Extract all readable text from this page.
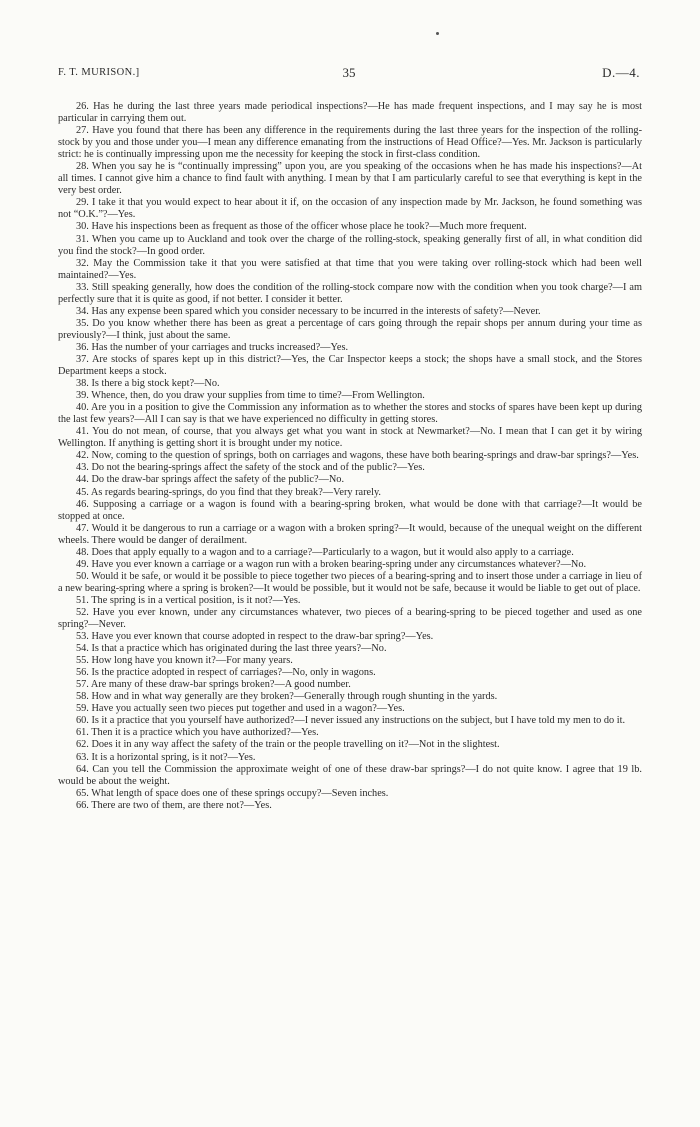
F. T. MURISON.]	35	D.—4.

26. Has he during the last three years made periodical inspections?—He has made frequent inspections, and I may say he is most particular in carrying them out.

27. Have you found that there has been any difference in the requirements during the last three years for the inspection of the rolling-stock by you and those under you—I mean any difference emanating from the instructions of Head Office?—Yes. Mr. Jackson is particularly strict: he is continually impressing upon me the necessity for keeping the stock in first-class condition.

28. When you say he is “continually impressing” upon you, are you speaking of the occasions when he has made his inspections?—At all times. I cannot give him a chance to find fault with anything. I mean by that I am particularly careful to see that everything is kept in the very best order.

29. I take it that you would expect to hear about it if, on the occasion of any inspection made by Mr. Jackson, he found something was not “O.K.”?—Yes.

30. Have his inspections been as frequent as those of the officer whose place he took?—Much more frequent.

31. When you came up to Auckland and took over the charge of the rolling-stock, speaking generally first of all, in what condition did you find the stock?—In good order.

32. May the Commission take it that you were satisfied at that time that you were taking over rolling-stock which had been well maintained?—Yes.

33. Still speaking generally, how does the condition of the rolling-stock compare now with the condition when you took charge?—I am perfectly sure that it is quite as good, if not better. I consider it better.

34. Has any expense been spared which you consider necessary to be incurred in the interests of safety?—Never.

35. Do you know whether there has been as great a percentage of cars going through the repair shops per annum during your time as previously?—I think, just about the same.

36. Has the number of your carriages and trucks increased?—Yes.

37. Are stocks of spares kept up in this district?—Yes, the Car Inspector keeps a stock; the shops have a small stock, and the Stores Department keeps a stock.

38. Is there a big stock kept?—No.

39. Whence, then, do you draw your supplies from time to time?—From Wellington.

40. Are you in a position to give the Commission any information as to whether the stores and stocks of spares have been kept up during the last few years?—All I can say is that we have experienced no difficulty in getting stores.

41. You do not mean, of course, that you always get what you want in stock at Newmarket?—No. I mean that I can get it by wiring Wellington. If anything is getting short it is brought under my notice.

42. Now, coming to the question of springs, both on carriages and wagons, these have both bearing-springs and draw-bar springs?—Yes.

43. Do not the bearing-springs affect the safety of the stock and of the public?—Yes.

44. Do the draw-bar springs affect the safety of the public?—No.

45. As regards bearing-springs, do you find that they break?—Very rarely.

46. Supposing a carriage or a wagon is found with a bearing-spring broken, what would be done with that carriage?—It would be stopped at once.

47. Would it be dangerous to run a carriage or a wagon with a broken spring?—It would, because of the unequal weight on the different wheels. There would be danger of derailment.

48. Does that apply equally to a wagon and to a carriage?—Particularly to a wagon, but it would also apply to a carriage.

49. Have you ever known a carriage or a wagon run with a broken bearing-spring under any circumstances whatever?—No.

50. Would it be safe, or would it be possible to piece together two pieces of a bearing-spring and to insert those under a carriage in lieu of a new bearing-spring where a spring is broken?—It would be possible, but it would not be safe, because it would be liable to get out of place.

51. The spring is in a vertical position, is it not?—Yes.

52. Have you ever known, under any circumstances whatever, two pieces of a bearing-spring to be pieced together and used as one spring?—Never.

53. Have you ever known that course adopted in respect to the draw-bar spring?—Yes.

54. Is that a practice which has originated during the last three years?—No.

55. How long have you known it?—For many years.

56. Is the practice adopted in respect of carriages?—No, only in wagons.

57. Are many of these draw-bar springs broken?—A good number.

58. How and in what way generally are they broken?—Generally through rough shunting in the yards.

59. Have you actually seen two pieces put together and used in a wagon?—Yes.

60. Is it a practice that you yourself have authorized?—I never issued any instructions on the subject, but I have told my men to do it.

61. Then it is a practice which you have authorized?—Yes.

62. Does it in any way affect the safety of the train or the people travelling on it?—Not in the slightest.

63. It is a horizontal spring, is it not?—Yes.

64. Can you tell the Commission the approximate weight of one of these draw-bar springs?—I do not quite know. I agree that 19 lb. would be about the weight.

65. What length of space does one of these springs occupy?—Seven inches.

66. There are two of them, are there not?—Yes.
